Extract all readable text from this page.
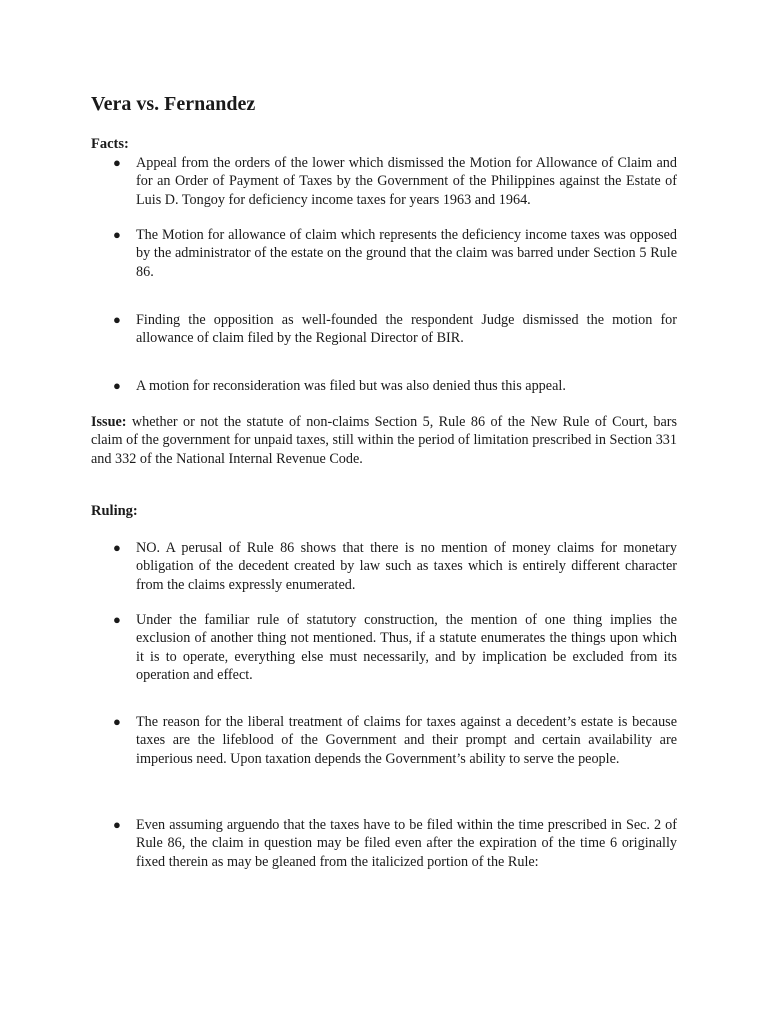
Vera vs. Fernandez
Facts:
● Appeal from the orders of the lower which dismissed the Motion for Allowance of Claim and for an Order of Payment of Taxes by the Government of the Philippines against the Estate of Luis D. Tongoy for deficiency income taxes for years 1963 and 1964.
● The Motion for allowance of claim which represents the deficiency income taxes was opposed by the administrator of the estate on the ground that the claim was barred under Section 5 Rule 86.
● Finding the opposition as well-founded the respondent Judge dismissed the motion for allowance of claim filed by the Regional Director of BIR.
● A motion for reconsideration was filed but was also denied thus this appeal.
Issue: whether or not the statute of non-claims Section 5, Rule 86 of the New Rule of Court, bars claim of the government for unpaid taxes, still within the period of limitation prescribed in Section 331 and 332 of the National Internal Revenue Code.
Ruling:
● NO. A perusal of Rule 86 shows that there is no mention of money claims for monetary obligation of the decedent created by law such as taxes which is entirely different character from the claims expressly enumerated.
● Under the familiar rule of statutory construction, the mention of one thing implies the exclusion of another thing not mentioned. Thus, if a statute enumerates the things upon which it is to operate, everything else must necessarily, and by implication be excluded from its operation and effect.
● The reason for the liberal treatment of claims for taxes against a decedent’s estate is because taxes are the lifeblood of the Government and their prompt and certain availability are imperious need. Upon taxation depends the Government’s ability to serve the people.
● Even assuming arguendo that the taxes have to be filed within the time prescribed in Sec. 2 of Rule 86, the claim in question may be filed even after the expiration of the time 6 originally fixed therein as may be gleaned from the italicized portion of the Rule:
